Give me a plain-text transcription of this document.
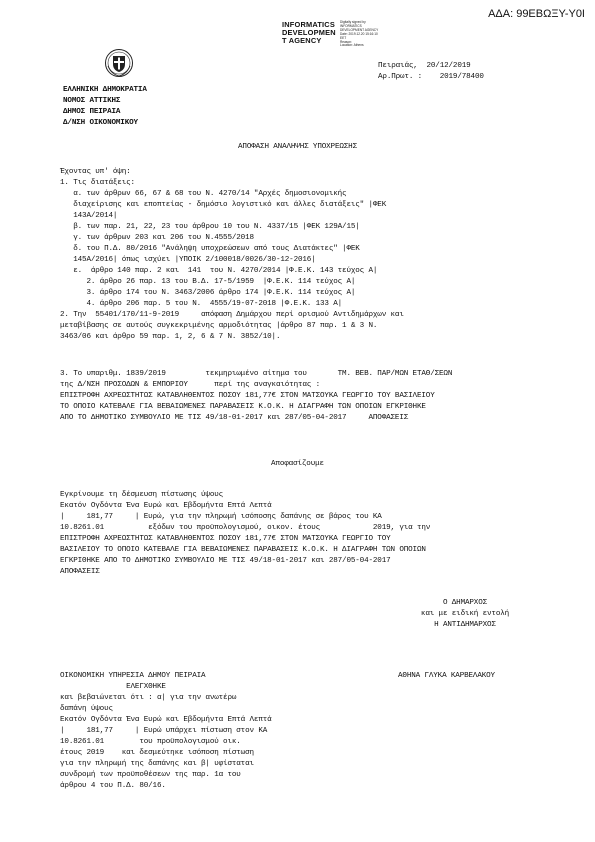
ΑΔΑ: 99ΕΒΩΞΥ-Υ0Ι
INFORMATICS
DEVELOPMEN
T AGENCY
Digitally signed by
INFORMATICS
DEVELOPMENT AGENCY
Date: 2019.12.20 15:16:10
EET
Reason:
Location: Athens
ΕΛΛΗΝΙΚΗ ΔΗΜΟΚΡΑΤΙΑ
ΝΟΜΟΣ ΑΤΤΙΚΗΣ
ΔΗΜΟΣ ΠΕΙΡΑΙΑ
Δ/ΝΣΗ ΟΙΚΟΝΟΜΙΚΟΥ
Πειραιάς,  20/12/2019
Αρ.Πρωτ. :    2019/78400
ΑΠΟΦΑΣΗ ΑΝΑΛΗΨΗΣ ΥΠΟΧΡΕΩΣΗΣ
Έχοντας υπ' όψη:
1. Τις διατάξεις:
α. των άρθρων 66, 67 & 68 του Ν. 4270/14 "Αρχές δημοσιονομικής
διαχείρισης και εποπτείας - δημόσιο λογιστικό και άλλες διατάξεις" |ΦΕΚ
143Α/2014|
β. των παρ. 21, 22, 23 του άρθρου 10 του Ν. 4337/15 |ΦΕΚ 129Α/15|
γ. των άρθρων 203 και 206 του Ν.4555/2018
δ. του Π.Δ. 80/2016 "Ανάληψη υποχρεώσεων από τους Διατάκτες" |ΦΕΚ
145Α/2016| όπως ισχύει |ΥΠΟΙΚ 2/100018/0026/30-12-2016|
ε.  άρθρο 140 παρ. 2 και  141  του Ν. 4270/2014 |Φ.Ε.Κ. 143 τεύχος Α|
2. άρθρο 26 παρ. 13 του Β.Δ. 17-5/1959  |Φ.Ε.Κ. 114 τεύχος Α|
3. άρθρο 174 του Ν. 3463/2006 άρθρο 174 |Φ.Ε.Κ. 114 τεύχος Α|
4. άρθρο 206 παρ. 5 του Ν.  4555/19-07-2018 |Φ.Ε.Κ. 133 Α|
2. Την  55401/170/11-9-2019     απόφαση Δημάρχου περί ορισμού Αντιδημάρχων και
μεταβίβασης σε αυτούς συγκεκριμένης αρμοδιότητας |άρθρο 87 παρ. 1 & 3 Ν.
3463/06 και άρθρο 59 παρ. 1, 2, 6 & 7 Ν. 3852/10|.
3. Το υπαριθμ. 1839/2019         τεκμηριωμένο αίτημα του       ΤΜ. ΒΕΒ. ΠΑΡ/ΜΩΝ ΕΤΑΘ/ΣΕΩΝ
της Δ/ΝΣΗ ΠΡΟΣΟΔΩΝ & ΕΜΠΟΡΙΟΥ      περί της αναγκαιότητας :
ΕΠΙΣΤΡΟΦΗ ΑΧΡΕΩΣΤΗΤΩΣ ΚΑΤΑΒΛΗΘΕΝΤΟΣ ΠΟΣΟΥ 181,77€ ΣΤΟΝ ΜΑΤΣΟΥΚΑ ΓΕΩΡΓΙΟ ΤΟΥ ΒΑΣΙΛΕΙΟΥ
ΤΟ ΟΠΟΙΟ ΚΑΤΕΒΑΛΕ ΓΙΑ ΒΕΒΑΙΩΜΕΝΕΣ ΠΑΡΑΒΑΣΕΙΣ Κ.Ο.Κ. Η ΔΙΑΓΡΑΦΗ ΤΩΝ ΟΠΟΙΩΝ ΕΓΚΡΙΘΗΚΕ
ΑΠΟ ΤΟ ΔΗΜΟΤΙΚΟ ΣΥΜΒΟΥΛΙΟ ΜΕ ΤΙΣ 49/18-01-2017 και 287/05-04-2017     ΑΠΟΦΑΣΕΙΣ
Αποφασίζουμε
Εγκρίνουμε τη δέσμευση πίστωσης ύψους
Εκατόν Ογδόντα Ένα Ευρώ και Εβδομήντα Επτά Λεπτά
|     181,77     | Ευρώ, για την πληρωμή ισόποσης δαπάνης σε βάρος του ΚΑ
10.8261.01          εξόδων του προϋπολογισμού, οικον. έτους            2019, για την
ΕΠΙΣΤΡΟΦΗ ΑΧΡΕΩΣΤΗΤΩΣ ΚΑΤΑΒΛΗΘΕΝΤΟΣ ΠΟΣΟΥ 181,77€ ΣΤΟΝ ΜΑΤΣΟΥΚΑ ΓΕΩΡΓΙΟ ΤΟΥ
ΒΑΣΙΛΕΙΟΥ ΤΟ ΟΠΟΙΟ ΚΑΤΕΒΑΛΕ ΓΙΑ ΒΕΒΑΙΩΜΕΝΕΣ ΠΑΡΑΒΑΣΕΙΣ Κ.Ο.Κ. Η ΔΙΑΓΡΑΦΗ ΤΩΝ ΟΠΟΙΩΝ
ΕΓΚΡΙΘΗΚΕ ΑΠΟ ΤΟ ΔΗΜΟΤΙΚΟ ΣΥΜΒΟΥΛΙΟ ΜΕ ΤΙΣ 49/18-01-2017 και 287/05-04-2017
ΑΠΟΦΑΣΕΙΣ
Ο ΔΗΜΑΡΧΟΣ
και με ειδική εντολή
Η ΑΝΤΙΔΗΜΑΡΧΟΣ
ΑΘΗΝΑ ΓΛΥΚΑ ΚΑΡΒΕΛΑΚΟΥ
ΟΙΚΟΝΟΜΙΚΗ ΥΠΗΡΕΣΙΑ ΔΗΜΟΥ ΠΕΙΡΑΙΑ
ΕΛΕΓΧΘΗΚΕ
και βεβαιώνεται ότι : α| για την ανωτέρω
δαπάνη ύψους
Εκατόν Ογδόντα Ένα Ευρώ και Εβδομήντα Επτά Λεπτά
|     181,77     | Ευρώ υπάρχει πίστωση στον ΚΑ
10.8261.01        του προϋπολογισμού οικ.
έτους 2019    και δεσμεύτηκε ισόποση πίστωση
για την πληρωμή της δαπάνης και β| υφίσταται
συνδρομή των προϋποθέσεων της παρ. 1α του
άρθρου 4 του Π.Δ. 80/16.
